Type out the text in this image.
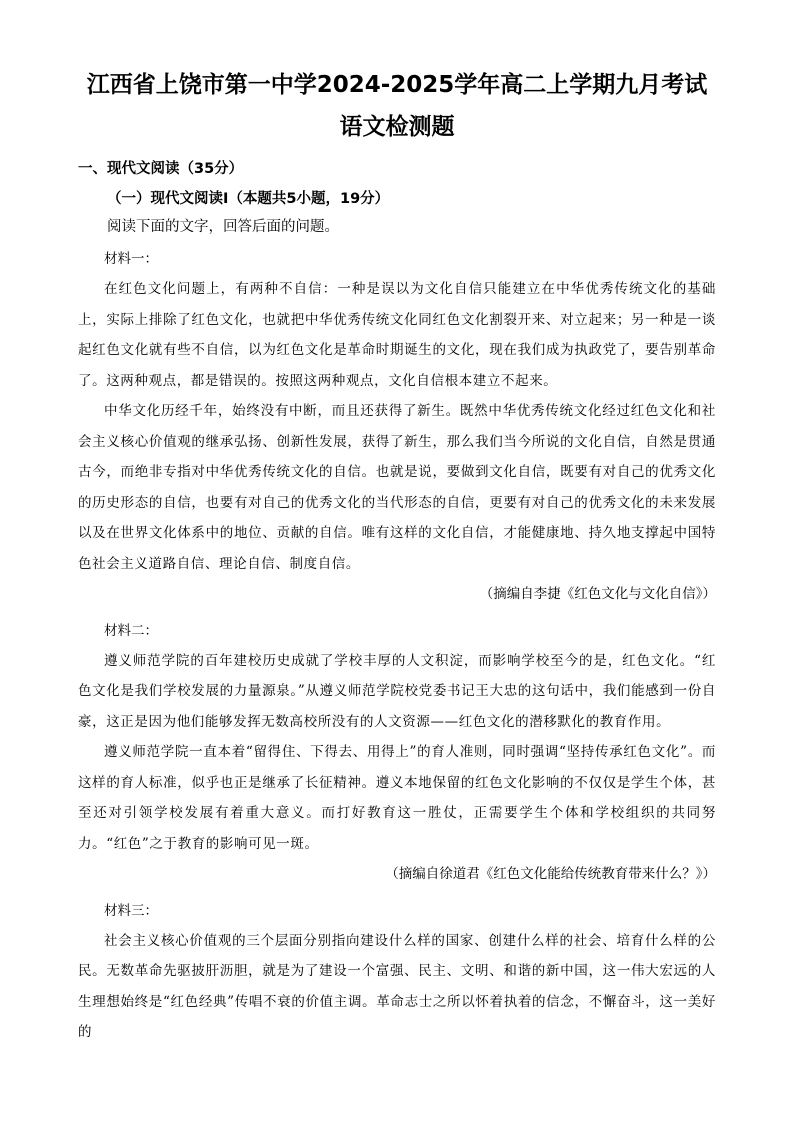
江西省上饶市第一中学2024-2025学年高二上学期九月考试语文检测题

一、现代文阅读（35分）

（一）现代文阅读Ⅰ（本题共5小题，19分）

阅读下面的文字，回答后面的问题。

材料一：

在红色文化问题上，有两种不自信：一种是误以为文化自信只能建立在中华优秀传统文化的基础上，实际上排除了红色文化，也就把中华优秀传统文化同红色文化割裂开来、对立起来；另一种是一谈起红色文化就有些不自信，以为红色文化是革命时期诞生的文化，现在我们成为执政党了，要告别革命了。这两种观点，都是错误的。按照这两种观点，文化自信根本建立不起来。

中华文化历经千年，始终没有中断，而且还获得了新生。既然中华优秀传统文化经过红色文化和社会主义核心价值观的继承弘扬、创新性发展，获得了新生，那么我们当今所说的文化自信，自然是贯通古今，而绝非专指对中华优秀传统文化的自信。也就是说，要做到文化自信，既要有对自己的优秀文化的历史形态的自信，也要有对自己的优秀文化的当代形态的自信，更要有对自己的优秀文化的未来发展以及在世界文化体系中的地位、贡献的自信。唯有这样的文化自信，才能健康地、持久地支撑起中国特色社会主义道路自信、理论自信、制度自信。

（摘编自李捷《红色文化与文化自信》）

材料二：

遵义师范学院的百年建校历史成就了学校丰厚的人文积淀，而影响学校至今的是，红色文化。“红色文化是我们学校发展的力量源泉。”从遵义师范学院校党委书记王大忠的这句话中，我们能感到一份自豪，这正是因为他们能够发挥无数高校所没有的人文资源——红色文化的潜移默化的教育作用。

遵义师范学院一直本着“留得住、下得去、用得上”的育人准则，同时强调“坚持传承红色文化”。而这样的育人标准，似乎也正是继承了长征精神。遵义本地保留的红色文化影响的不仅仅是学生个体，甚至还对引领学校发展有着重大意义。而打好教育这一胜仗，正需要学生个体和学校组织的共同努力。“红色”之于教育的影响可见一斑。

（摘编自徐道君《红色文化能给传统教育带来什么？》）

材料三：

社会主义核心价值观的三个层面分别指向建设什么样的国家、创建什么样的社会、培育什么样的公民。无数革命先驱披肝沥胆，就是为了建设一个富强、民主、文明、和谐的新中国，这一伟大宏远的人生理想始终是“红色经典”传唱不衰的价值主调。革命志士之所以怀着执着的信念，不懈奋斗，这一美好的
